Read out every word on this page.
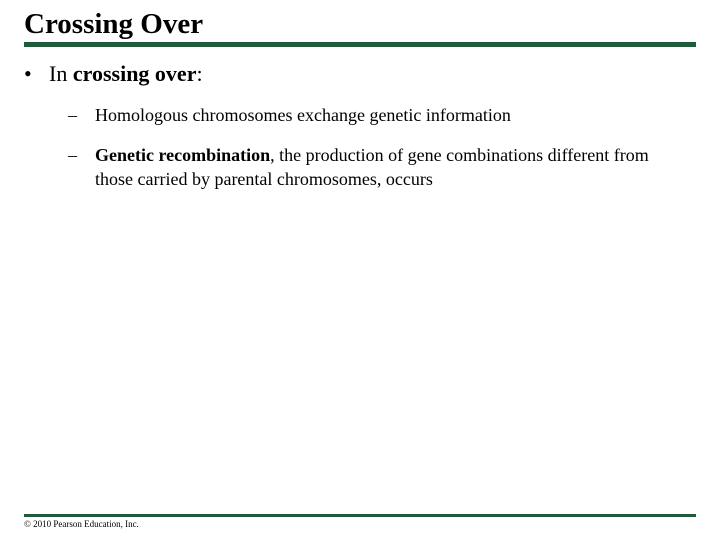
Crossing Over
• In crossing over:
– Homologous chromosomes exchange genetic information
– Genetic recombination, the production of gene combinations different from those carried by parental chromosomes, occurs
© 2010 Pearson Education, Inc.
